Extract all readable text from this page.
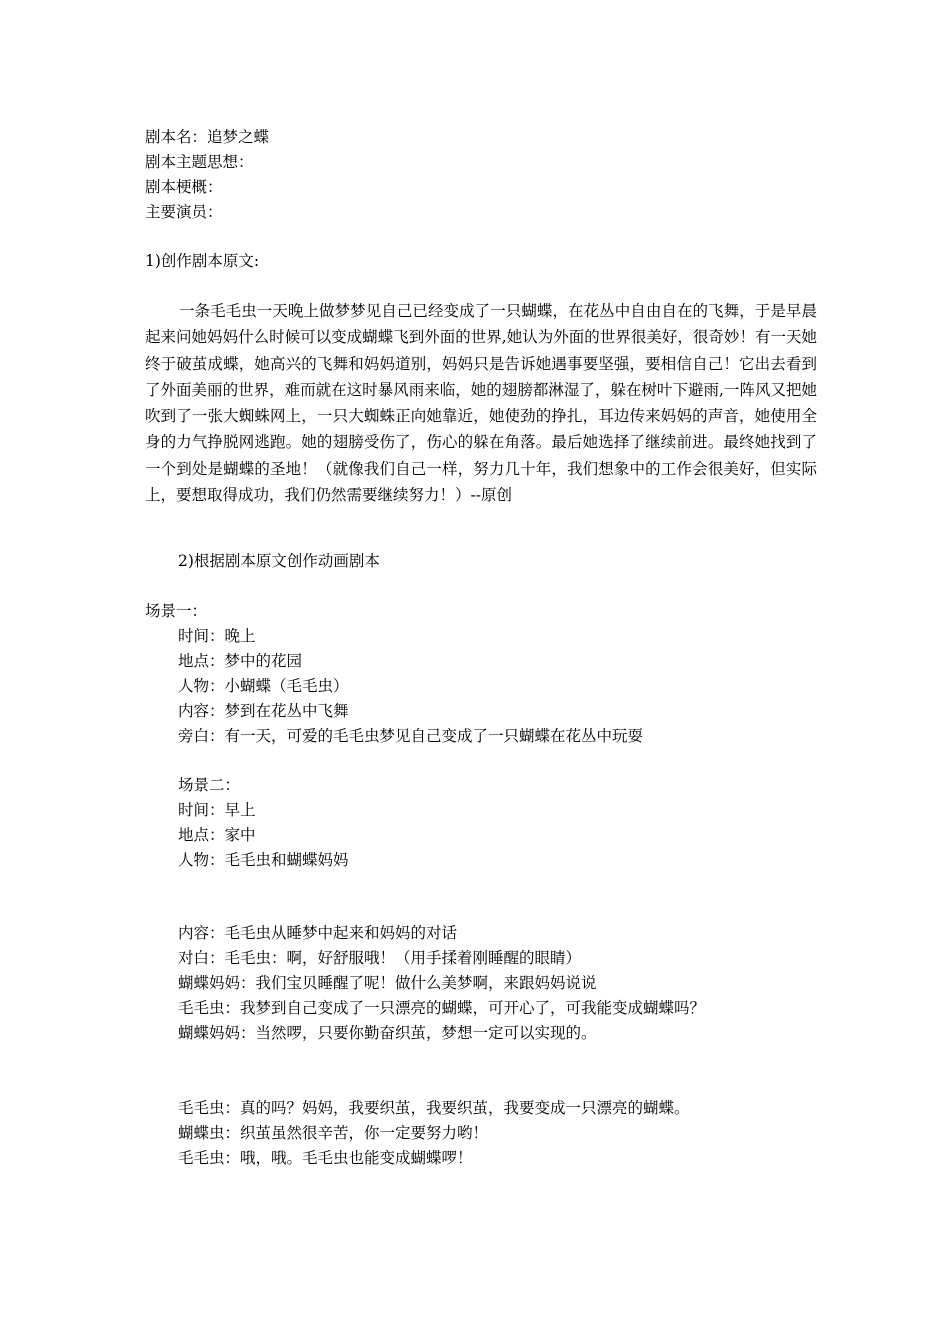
剧本名：追梦之蝶

剧本主题思想：

剧本梗概：

主要演员：

1)创作剧本原文:

一条毛毛虫一天晚上做梦梦见自己已经变成了一只蝴蝶，在花丛中自由自在的飞舞，于是早晨起来问她妈妈什么时候可以变成蝴蝶飞到外面的世界,她认为外面的世界很美好，很奇妙！有一天她终于破茧成蝶，她高兴的飞舞和妈妈道别，妈妈只是告诉她遇事要坚强，要相信自己！它出去看到了外面美丽的世界，难而就在这时暴风雨来临，她的翅膀都淋湿了，躲在树叶下避雨,一阵风又把她吹到了一张大蜘蛛网上，一只大蜘蛛正向她靠近，她使劲的挣扎，耳边传来妈妈的声音，她使用全身的力气挣脱网逃跑。她的翅膀受伤了，伤心的躲在角落。最后她选择了继续前进。最终她找到了一个到处是蝴蝶的圣地！（就像我们自己一样，努力几十年，我们想象中的工作会很美好，但实际上，要想取得成功，我们仍然需要继续努力！）--原创

2)根据剧本原文创作动画剧本

场景一：

时间：晚上

地点：梦中的花园

人物：小蝴蝶（毛毛虫）

内容：梦到在花丛中飞舞

旁白：有一天，可爱的毛毛虫梦见自己变成了一只蝴蝶在花丛中玩耍

场景二：

时间：早上

地点：家中

人物：毛毛虫和蝴蝶妈妈

内容：毛毛虫从睡梦中起来和妈妈的对话

对白：毛毛虫：啊，好舒服哦！（用手揉着刚睡醒的眼睛）

蝴蝶妈妈：我们宝贝睡醒了呢！做什么美梦啊，来跟妈妈说说

毛毛虫：我梦到自己变成了一只漂亮的蝴蝶，可开心了，可我能变成蝴蝶吗？

蝴蝶妈妈：当然啰，只要你勤奋织茧，梦想一定可以实现的。

毛毛虫：真的吗？妈妈，我要织茧，我要织茧，我要变成一只漂亮的蝴蝶。

蝴蝶虫：织茧虽然很辛苦，你一定要努力哟！

毛毛虫：哦，哦。毛毛虫也能变成蝴蝶啰！
